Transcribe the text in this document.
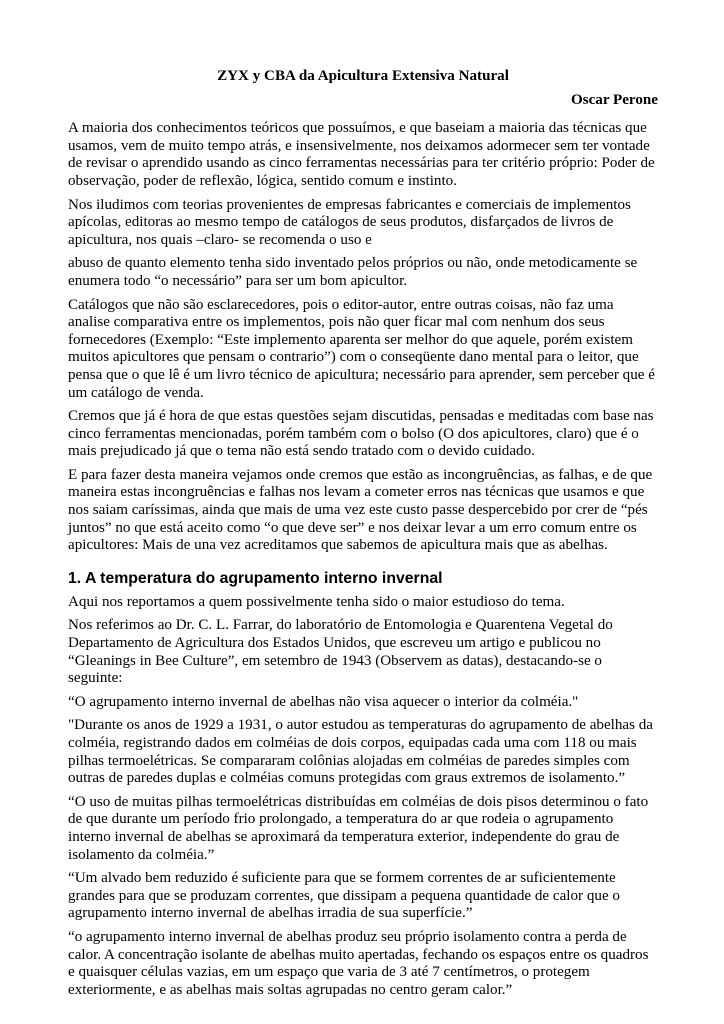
ZYX y CBA da Apicultura Extensiva Natural
Oscar Perone

A maioria dos conhecimentos teóricos que possuímos, e que baseiam a maioria das técnicas que usamos, vem de muito tempo atrás, e insensivelmente, nos deixamos adormecer sem ter vontade de revisar o aprendido usando as cinco ferramentas necessárias para ter critério próprio: Poder de observação, poder de reflexão, lógica, sentido comum e instinto.

Nos iludimos com teorias provenientes de empresas fabricantes e comerciais de implementos apícolas, editoras ao mesmo tempo de catálogos de seus produtos, disfarçados de livros de apicultura, nos quais –claro- se recomenda o uso e

abuso de quanto elemento tenha sido inventado pelos próprios ou não, onde metodicamente se enumera todo “o necessário” para ser um bom apicultor.

Catálogos que não são esclarecedores, pois o editor-autor, entre outras coisas, não faz uma analise comparativa entre os implementos, pois não quer ficar mal com nenhum dos seus fornecedores (Exemplo: “Este implemento aparenta ser melhor do que aquele, porém existem muitos apicultores que pensam o contrario”) com o conseqüente dano mental para o leitor, que pensa que o que lê é um livro técnico de apicultura; necessário para aprender, sem perceber que é um catálogo de venda.

Cremos que já é hora de que estas questões sejam discutidas, pensadas e meditadas com base nas cinco ferramentas mencionadas, porém também com o bolso (O dos apicultores, claro) que é o mais prejudicado já que o tema não está sendo tratado com o devido cuidado.

E para fazer desta maneira vejamos onde cremos que estão as incongruências, as falhas, e de que maneira estas incongruências e falhas nos levam a cometer erros nas técnicas que usamos e que nos saiam caríssimas, ainda que mais de uma vez este custo passe despercebido por crer de “pés juntos” no que está aceito como “o que deve ser” e nos deixar levar a um erro comum entre os apicultores: Mais de una vez acreditamos que sabemos de apicultura mais que as abelhas.

1. A temperatura do agrupamento interno invernal

Aqui nos reportamos a quem possivelmente tenha sido o maior estudioso do tema.

Nos referimos ao Dr. C. L. Farrar, do laboratório de Entomologia e Quarentena Vegetal do Departamento de Agricultura dos Estados Unidos, que escreveu um artigo e publicou no “Gleanings in Bee Culture”, em setembro de 1943 (Observem as datas), destacando-se o seguinte:

“O agrupamento interno invernal de abelhas não visa aquecer o interior da colméia."

"Durante os anos de 1929 a 1931, o autor estudou as temperaturas do agrupamento de abelhas da colméia, registrando dados em colméias de dois corpos, equipadas cada uma com 118 ou mais pilhas termoelétricas. Se compararam colônias alojadas em colméias de paredes simples com outras de paredes duplas e colméias comuns protegidas com graus extremos de isolamento.”

“O uso de muitas pilhas termoelétricas distribuídas em colméias de dois pisos determinou o fato de que durante um período frio prolongado, a temperatura do ar que rodeia o agrupamento interno invernal de abelhas se aproximará da temperatura exterior, independente do grau de isolamento da colméia.”

“Um alvado bem reduzido é suficiente para que se formem correntes de ar suficientemente grandes para que se produzam correntes, que dissipam a pequena quantidade de calor que o agrupamento interno invernal de abelhas irradia de sua superfície.”

“o agrupamento interno invernal de abelhas produz seu próprio isolamento contra a perda de calor. A concentração isolante de abelhas muito apertadas, fechando os espaços entre os quadros e quaisquer células vazias, em um espaço que varia de 3 até 7 centímetros, o protegem exteriormente, e as abelhas mais soltas agrupadas no centro geram calor.”
